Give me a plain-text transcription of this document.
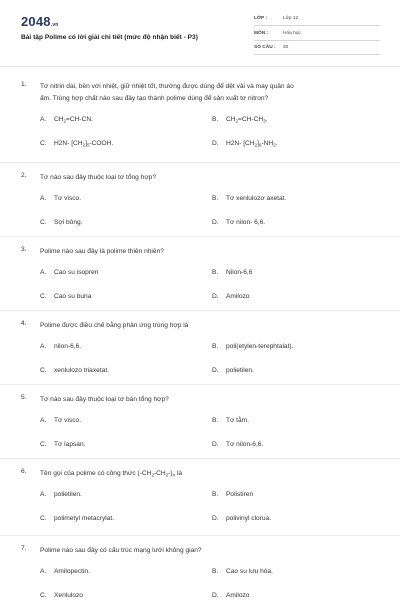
2048.vn
Bài tập Polime có lời giải chi tiết (mức độ nhận biết - P3)
LỚP :	Lớp 12
MÔN :	Hóa học
SỐ CÂU : 20
1. Tơ nitrin dai, bền với nhiệt, giữ nhiệt tốt, thường được dùng để dệt vải và may quần áo
ấm. Trùng hợp chất nào sau đây tạo thành polime dùng để sản xuất tơ nitron?
A. $CH_2=CH-CN$.	B. $CH_2=CH-CH_3$.
C. H2N- $[CH_2]_5$-COOH.	D. H2N- $[CH_2]_6-NH_2$.
2. Tơ nào sau đây thuộc loại tơ tổng hợp?
A. Tơ visco.	B. Tơ xenlulozơ axetat.
C. Sợi bông.	D. Tơ nilon- 6,6.
3. Polime nào sau đây là polime thiên nhiên?
A. Cao su isopren	B. Nilon-6,6
C. Cao su buna	D. Amilozo
4. Polime được điều chế bằng phản ứng trùng hợp là
A. nilon-6,6.	B. poli(etylen-terephtalat).
C. xenlulozo triaxetat.	D. polietilen.
5. Tơ nào sau đây thuộc loại tơ bán tổng hợp?
A. Tơ visco.	B. Tơ tằm.
C. Tơ lapsan.	D. Tơ nilon-6,6.
6. Tên gọi của polime có công thức $(-CH_2-CH_2-)_n$ là
A. polietilen.	B. Polistiren
C. polimetyl metacrylat.	D. polivinyl clorua.
7. Polime nào sau đây có cấu trúc mạng lưới không gian?
A. Amilopectin.	B. Cao su lưu hóa.
C. Xenlulozo	D. Amilozo
